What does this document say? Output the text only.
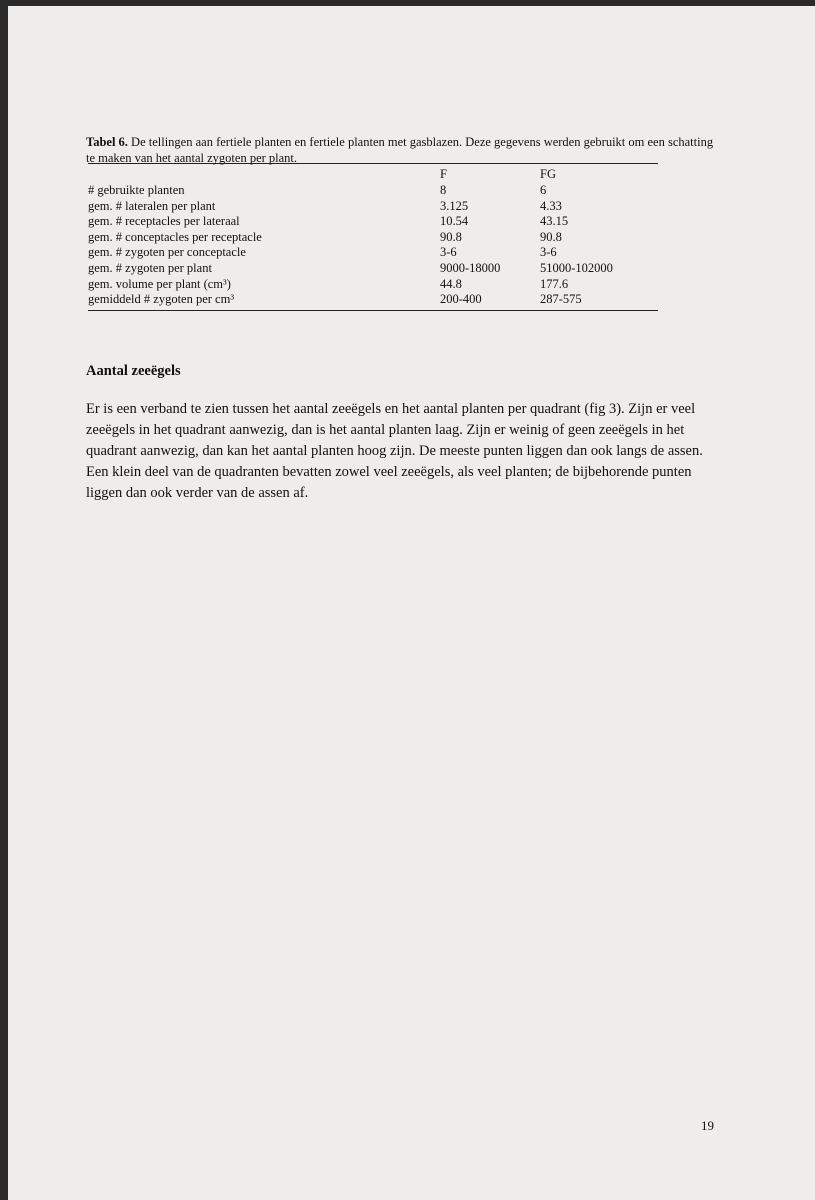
Tabel 6. De tellingen aan fertiele planten en fertiele planten met gasblazen. Deze gegevens werden gebruikt om een schatting te maken van het aantal zygoten per plant.
	F	FG
# gebruikte planten	8	6
gem. # lateralen per plant	3.125	4.33
gem. # receptacles per lateraal	10.54	43.15
gem. # conceptacles per receptacle	90.8	90.8
gem. # zygoten per conceptacle	3-6	3-6
gem. # zygoten per plant	9000-18000	51000-102000
gem. volume per plant (cm³)	44.8	177.6
gemiddeld # zygoten per cm³	200-400	287-575
Aantal zeeëgels

Er is een verband te zien tussen het aantal zeeëgels en het aantal planten per quadrant (fig 3). Zijn er veel zeeëgels in het quadrant aanwezig, dan is het aantal planten laag. Zijn er weinig of geen zeeëgels in het quadrant aanwezig, dan kan het aantal planten hoog zijn. De meeste punten liggen dan ook langs de assen. Een klein deel van de quadranten bevatten zowel veel zeeëgels, als veel planten; de bijbehorende punten liggen dan ook verder van de assen af.

19
